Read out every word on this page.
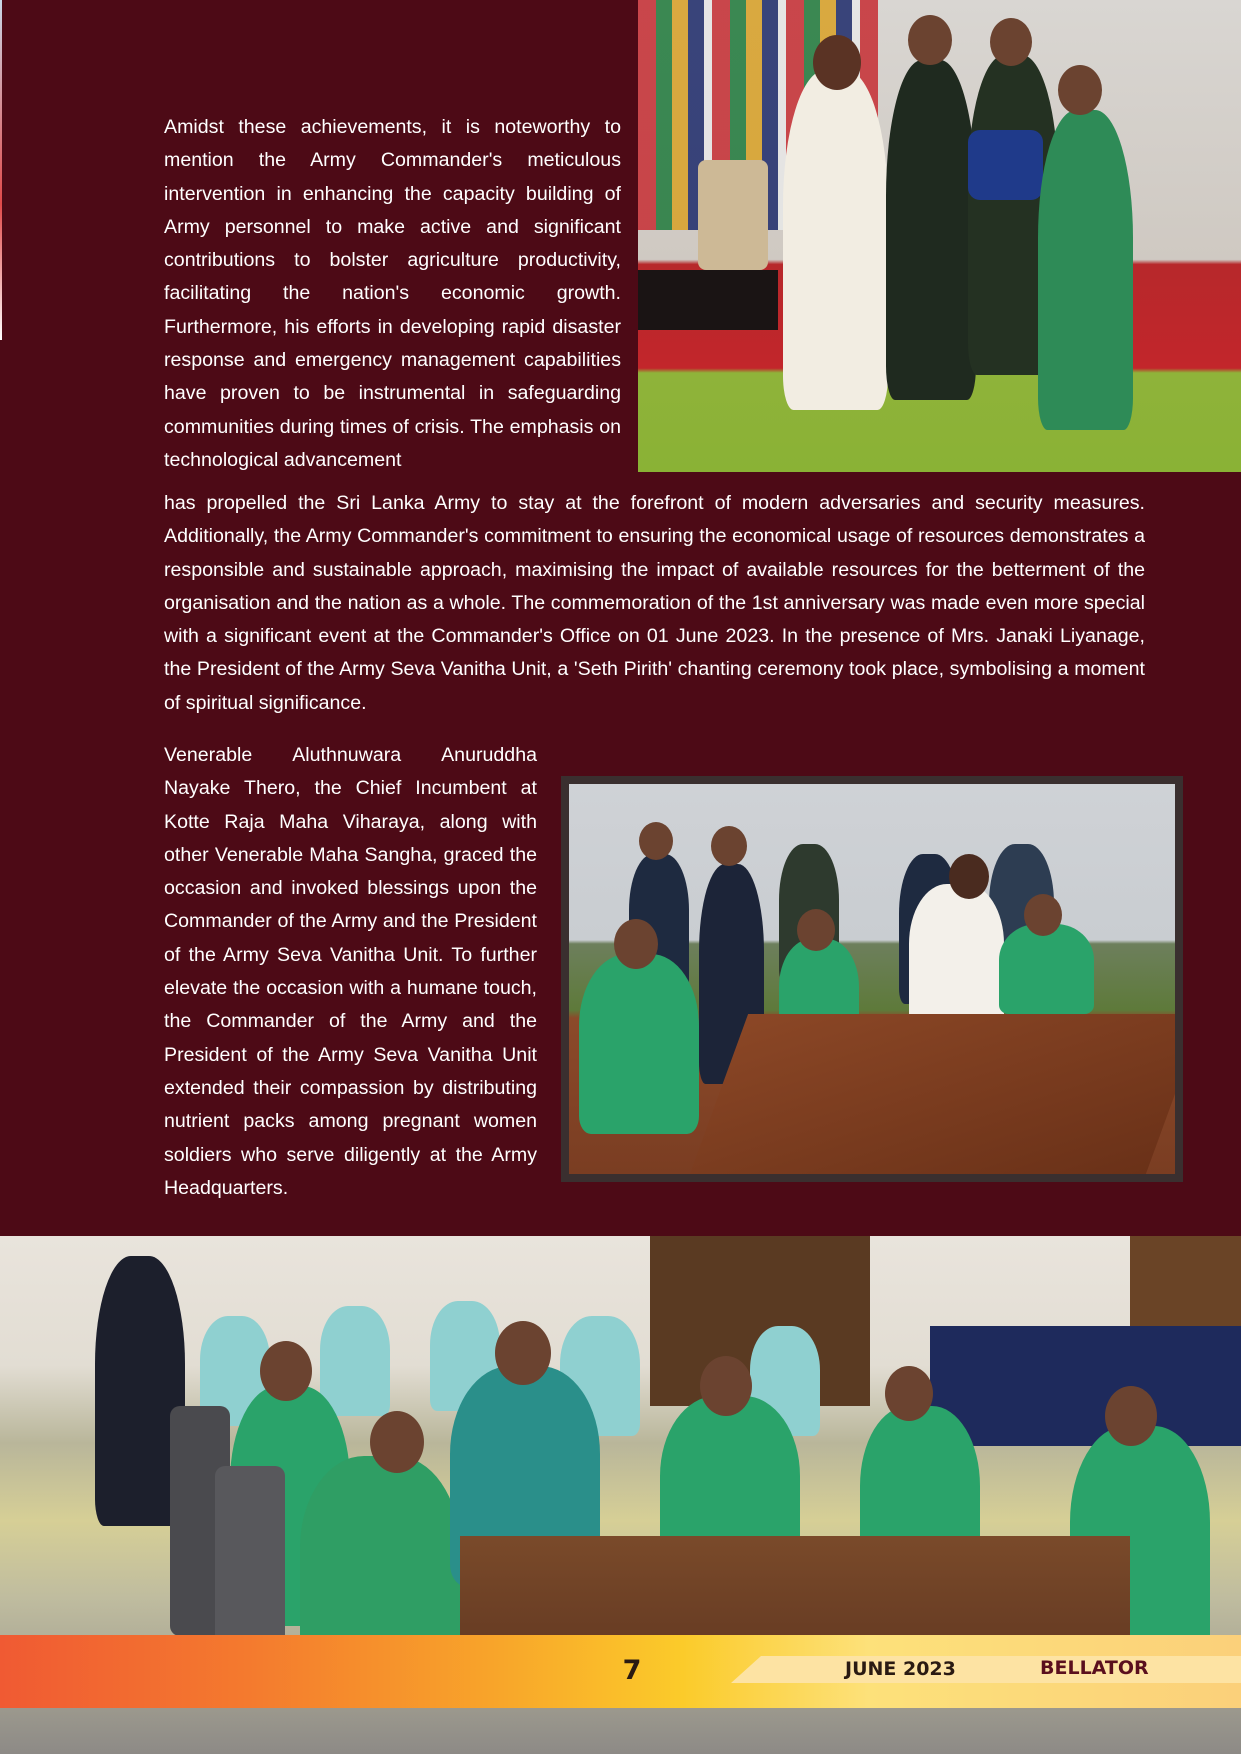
Amidst these achievements, it is noteworthy to mention the Army Commander's meticulous intervention in enhancing the capacity building of Army personnel to make active and significant contributions to bolster agriculture productivity, facilitating the nation's economic growth. Furthermore, his efforts in developing rapid disaster response and emergency management capabilities have proven to be instrumental in safeguarding communities during times of crisis. The emphasis on technological advancement

has propelled the Sri Lanka Army to stay at the forefront of modern adversaries and security measures. Additionally, the Army Commander's commitment to ensuring the economical usage of resources demonstrates a responsible and sustainable approach, maximising the impact of available resources for the betterment of the organisation and the nation as a whole. The commemoration of the 1st anniversary was made even more special with a significant event at the Commander's Office on 01 June 2023. In the presence of Mrs. Janaki Liyanage, the President of the Army Seva Vanitha Unit, a 'Seth Pirith' chanting ceremony took place, symbolising a moment of spiritual significance.

Venerable Aluthnuwara Anuruddha Nayake Thero, the Chief Incumbent at Kotte Raja Maha Viharaya, along with other Venerable Maha Sangha, graced the occasion and invoked blessings upon the Commander of the Army and the President of the Army Seva Vanitha Unit. To further elevate the occasion with a humane touch, the Commander of the Army and the President of the Army Seva Vanitha Unit extended their compassion by distributing nutrient packs among pregnant women soldiers who serve diligently at the Army Headquarters.

7	JUNE 2023	BELLATOR
